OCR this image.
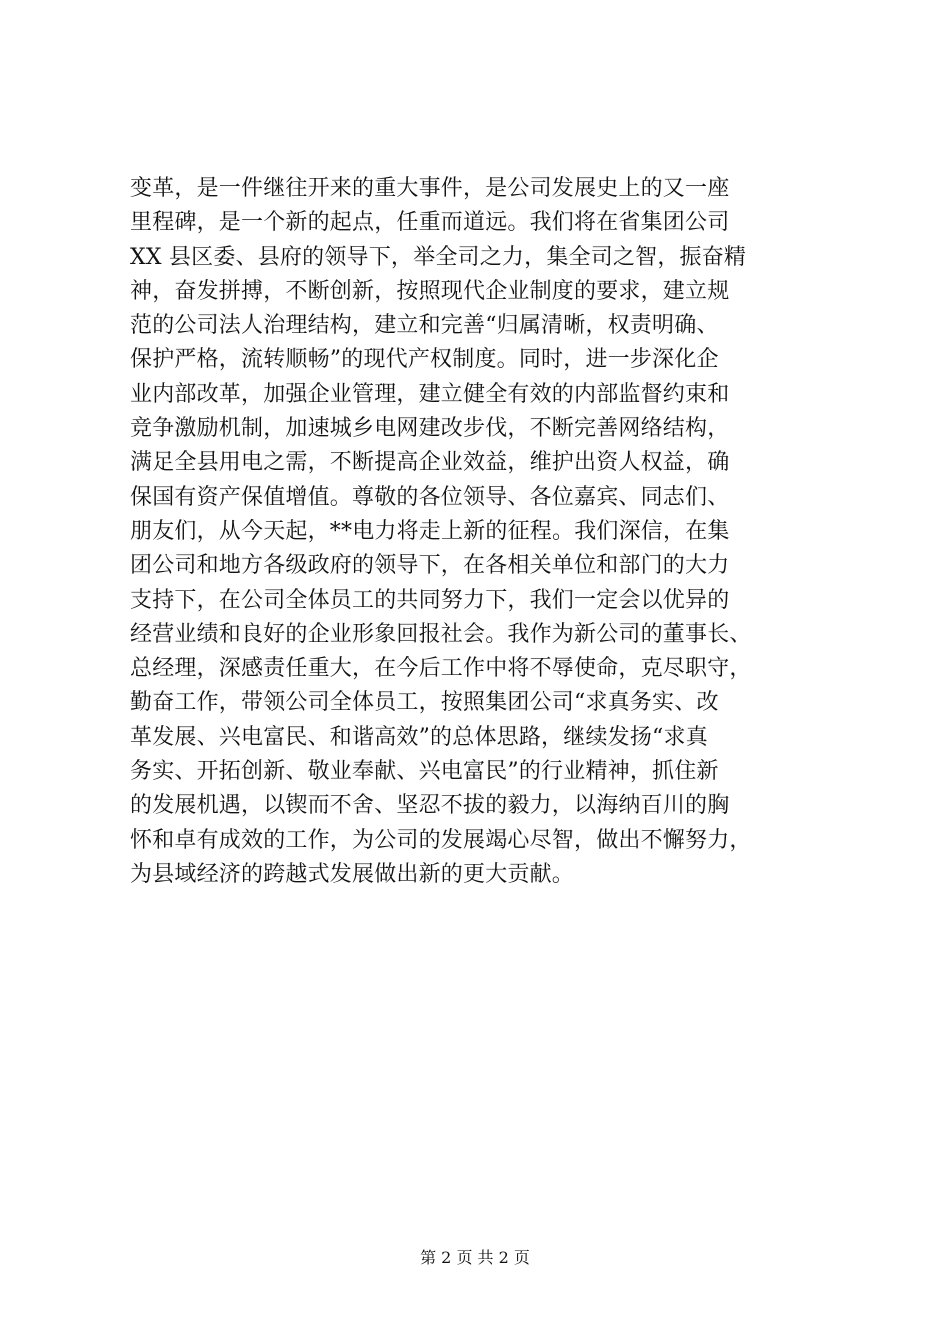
变革，是一件继往开来的重大事件，是公司发展史上的又一座
里程碑，是一个新的起点，任重而道远。我们将在省集团公司
XX 县区委、县府的领导下，举全司之力，集全司之智，振奋精
神，奋发拼搏，不断创新，按照现代企业制度的要求，建立规
范的公司法人治理结构，建立和完善“归属清晰，权责明确、
保护严格，流转顺畅”的现代产权制度。同时，进一步深化企
业内部改革，加强企业管理，建立健全有效的内部监督约束和
竞争激励机制，加速城乡电网建改步伐，不断完善网络结构，
满足全县用电之需，不断提高企业效益，维护出资人权益，确
保国有资产保值增值。尊敬的各位领导、各位嘉宾、同志们、
朋友们，从今天起，**电力将走上新的征程。我们深信，在集
团公司和地方各级政府的领导下，在各相关单位和部门的大力
支持下，在公司全体员工的共同努力下，我们一定会以优异的
经营业绩和良好的企业形象回报社会。我作为新公司的董事长、
总经理，深感责任重大，在今后工作中将不辱使命，克尽职守，
勤奋工作，带领公司全体员工，按照集团公司“求真务实、改
革发展、兴电富民、和谐高效”的总体思路，继续发扬“求真
务实、开拓创新、敬业奉献、兴电富民”的行业精神，抓住新
的发展机遇，以锲而不舍、坚忍不拔的毅力，以海纳百川的胸
怀和卓有成效的工作，为公司的发展竭心尽智，做出不懈努力，
为县域经济的跨越式发展做出新的更大贡献。
第 2 页 共 2 页
